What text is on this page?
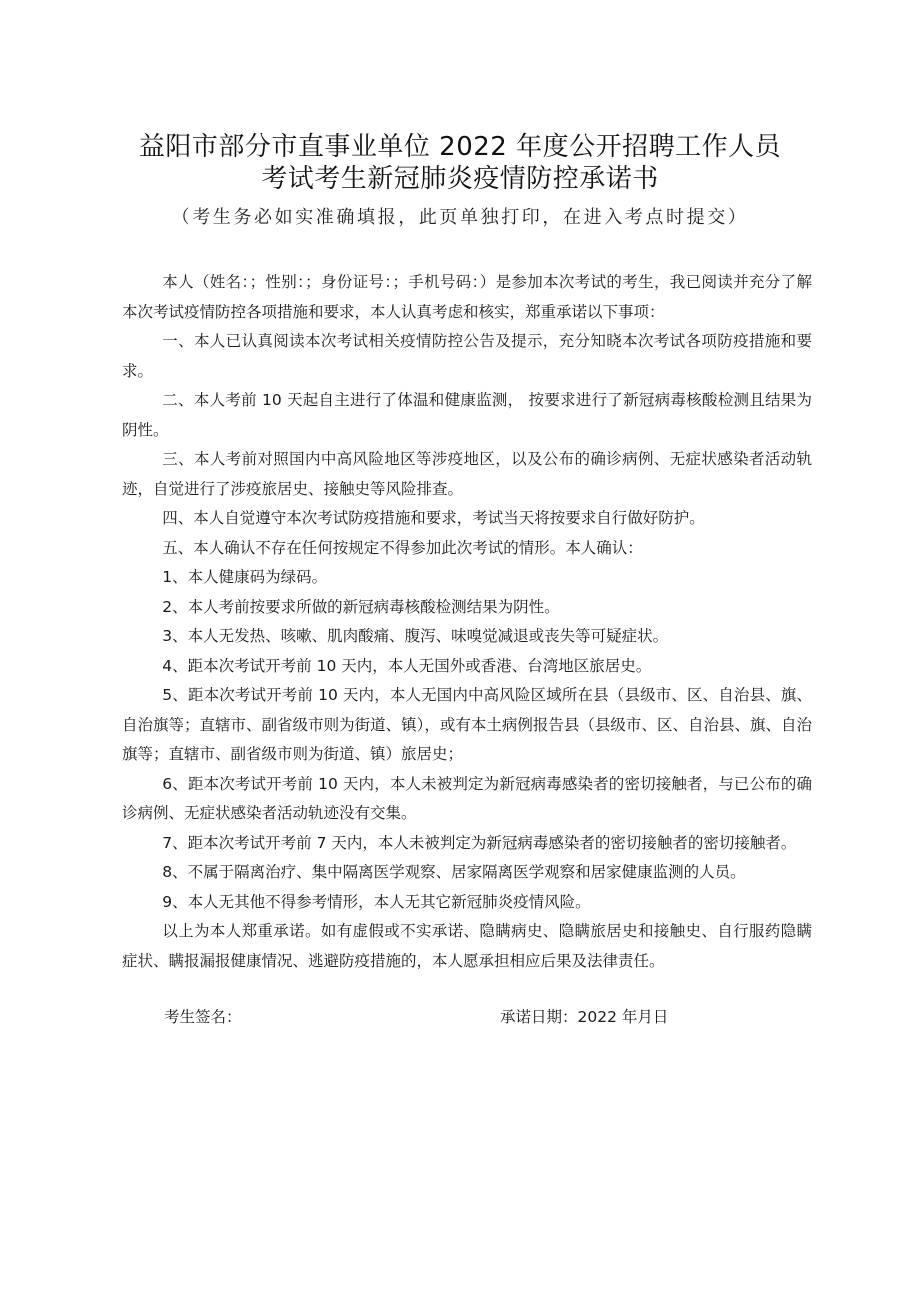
益阳市部分市直事业单位 2022 年度公开招聘工作人员
考试考生新冠肺炎疫情防控承诺书
（考生务必如实准确填报，此页单独打印，在进入考点时提交）

本人（姓名：；性别：；身份证号：；手机号码：）是参加本次考试的考生，我已阅读并充分了解本次考试疫情防控各项措施和要求，本人认真考虑和核实，郑重承诺以下事项：

一、本人已认真阅读本次考试相关疫情防控公告及提示，充分知晓本次考试各项防疫措施和要求。

二、本人考前 10 天起自主进行了体温和健康监测， 按要求进行了新冠病毒核酸检测且结果为阴性。

三、本人考前对照国内中高风险地区等涉疫地区，以及公布的确诊病例、无症状感染者活动轨迹，自觉进行了涉疫旅居史、接触史等风险排查。

四、本人自觉遵守本次考试防疫措施和要求，考试当天将按要求自行做好防护。

五、本人确认不存在任何按规定不得参加此次考试的情形。本人确认：

1、本人健康码为绿码。

2、本人考前按要求所做的新冠病毒核酸检测结果为阴性。

3、本人无发热、咳嗽、肌肉酸痛、腹泻、味嗅觉减退或丧失等可疑症状。

4、距本次考试开考前 10 天内，本人无国外或香港、台湾地区旅居史。

5、距本次考试开考前 10 天内，本人无国内中高风险区域所在县（县级市、区、自治县、旗、自治旗等；直辖市、副省级市则为街道、镇），或有本土病例报告县（县级市、区、自治县、旗、自治旗等；直辖市、副省级市则为街道、镇）旅居史；

6、距本次考试开考前 10 天内，本人未被判定为新冠病毒感染者的密切接触者，与已公布的确诊病例、无症状感染者活动轨迹没有交集。

7、距本次考试开考前 7 天内，本人未被判定为新冠病毒感染者的密切接触者的密切接触者。

8、不属于隔离治疗、集中隔离医学观察、居家隔离医学观察和居家健康监测的人员。

9、本人无其他不得参考情形，本人无其它新冠肺炎疫情风险。

以上为本人郑重承诺。如有虚假或不实承诺、隐瞒病史、隐瞒旅居史和接触史、自行服药隐瞒症状、瞒报漏报健康情况、逃避防疫措施的，本人愿承担相应后果及法律责任。

考生签名：	承诺日期：2022 年月日
